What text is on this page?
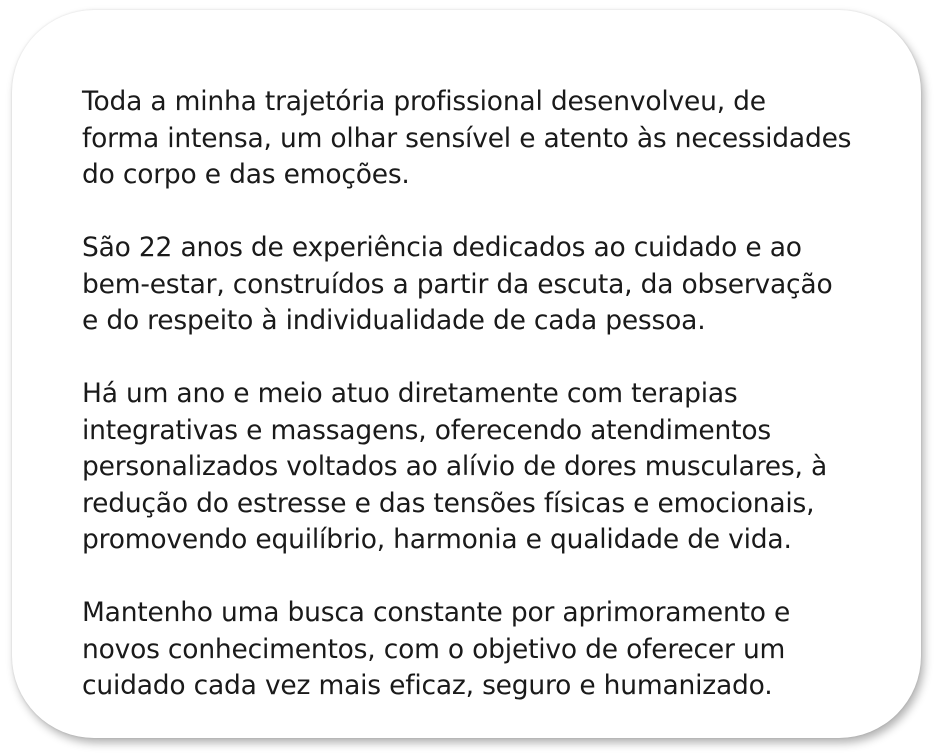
Toda a minha trajetória profissional desenvolveu, de
forma intensa, um olhar sensível e atento às necessidades
do corpo e das emoções.

São 22 anos de experiência dedicados ao cuidado e ao
bem-estar, construídos a partir da escuta, da observação
e do respeito à individualidade de cada pessoa.

Há um ano e meio atuo diretamente com terapias
integrativas e massagens, oferecendo atendimentos
personalizados voltados ao alívio de dores musculares, à
redução do estresse e das tensões físicas e emocionais,
promovendo equilíbrio, harmonia e qualidade de vida.

Mantenho uma busca constante por aprimoramento e
novos conhecimentos, com o objetivo de oferecer um
cuidado cada vez mais eficaz, seguro e humanizado.
